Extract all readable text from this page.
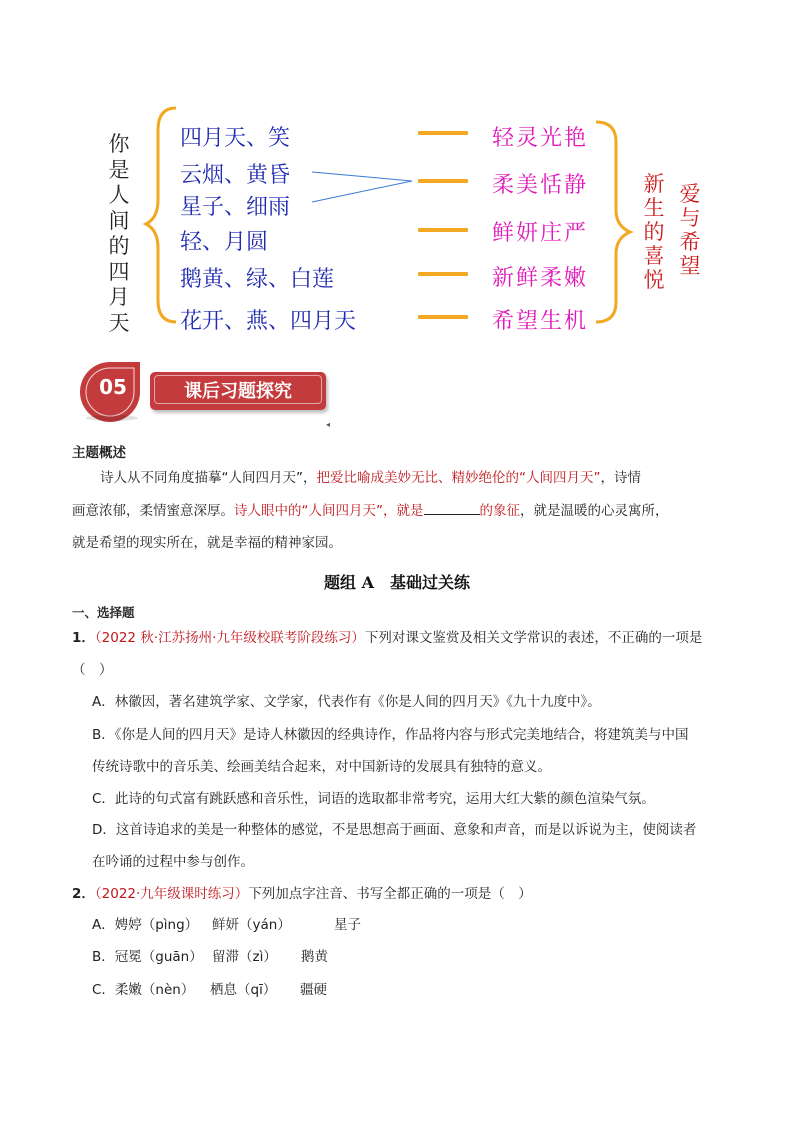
你是人间的四月天
四月天、笑
云烟、黄昏
星子、细雨
轻、月圆
鹅黄、绿、白莲
花开、燕、四月天
轻灵光艳
柔美恬静
鲜妍庄严
新鲜柔嫩
希望生机
新生的喜悦
爱与希望
05	课后习题探究
◂
主题概述
诗人从不同角度描摹“人间四月天”，把爱比喻成美妙无比、精妙绝伦的“人间四月天”，诗情
画意浓郁，柔情蜜意深厚。诗人眼中的“人间四月天”，就是	的象征，就是温暖的心灵寓所，
就是希望的现实所在，就是幸福的精神家园。
题组 A　基础过关练
一、选择题
1．（2022 秋·江苏扬州·九年级校联考阶段练习）下列对课文鉴赏及相关文学常识的表述，不正确的一项是
（　）
A．林徽因，著名建筑学家、文学家，代表作有《你是人间的四月天》《九十九度中》。
B．《你是人间的四月天》是诗人林徽因的经典诗作，作品将内容与形式完美地结合，将建筑美与中国
传统诗歌中的音乐美、绘画美结合起来，对中国新诗的发展具有独特的意义。
C．此诗的句式富有跳跃感和音乐性，词语的选取都非常考究，运用大红大紫的颜色渲染气氛。
D．这首诗追求的美是一种整体的感觉，不是思想高于画面、意象和声音，而是以诉说为主，使阅读者
在吟诵的过程中参与创作。
2．（2022·九年级课时练习）下列加点字注音、书写全都正确的一项是（　）
A．娉婷（pìng） 鲜妍（yán）	星子
B．冠冕（guān） 留滞（zì） 鹅黄
C．柔嫩（nèn） 栖息（qī） 疆硬
